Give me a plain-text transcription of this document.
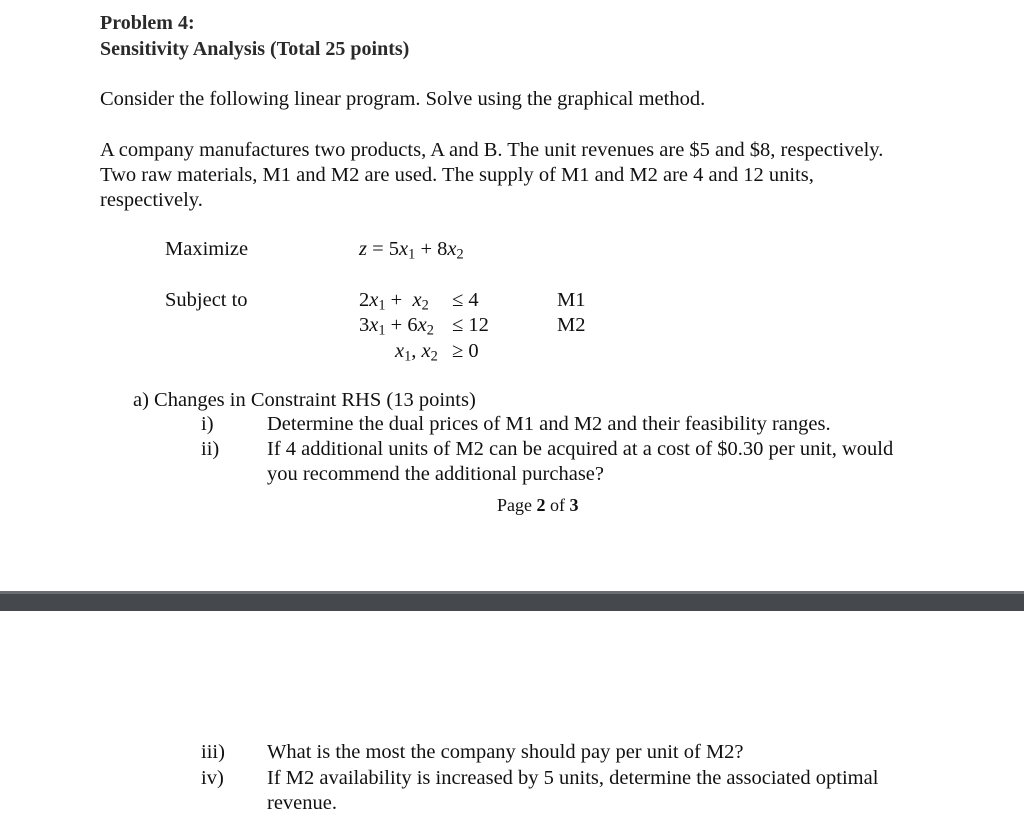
Problem 4:
Sensitivity Analysis (Total 25 points)
Consider the following linear program. Solve using the graphical method.
A company manufactures two products, A and B. The unit revenues are $5 and $8, respectively.
Two raw materials, M1 and M2 are used. The supply of M1 and M2 are 4 and 12 units,
respectively.
Maximize	$z = 5x_1 + 8x_2$
Subject to	$2x_1 + x_2 \le 4$	M1
$3x_1 + 6x_2 \le 12$	M2
$x_1$, $x_2 \ge 0$
a) Changes in Constraint RHS (13 points)
i)	Determine the dual prices of M1 and M2 and their feasibility ranges.
ii)	If 4 additional units of M2 can be acquired at a cost of $0.30 per unit, would
you recommend the additional purchase?
Page 2 of 3
iii)	What is the most the company should pay per unit of M2?
iv)	If M2 availability is increased by 5 units, determine the associated optimal
revenue.
